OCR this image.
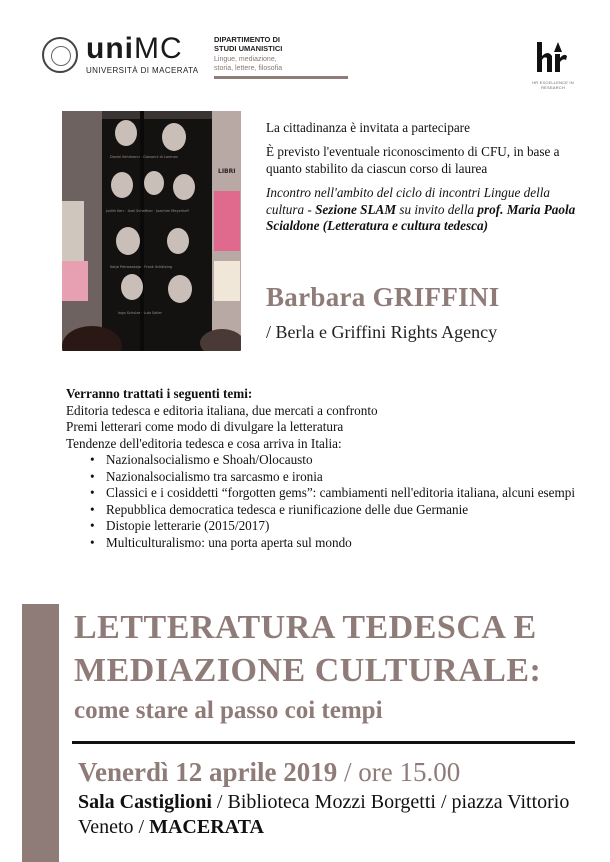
uniMC
UNIVERSITÀ DI MACERATA
DIPARTIMENTO DI
STUDI UMANISTICI
Lingue, mediazione,
storia, lettere, filosofia
HR EXCELLENCE IN RESEARCH
Daniel Kehlmann · Giovanni di Lorenzo
Judith Kerr · Axel Schaffner · Joachim Meyerhoff
Katja Petrowskaja · Frank Schätzing
Ingo Schulze · Lutz Seiler
LIBRI
La cittadinanza è invitata a partecipare
È previsto l'eventuale riconoscimento di CFU, in base a quanto stabilito da ciascun corso di laurea
Incontro nell'ambito del ciclo di incontri Lingue della cultura - Sezione SLAM su invito della prof. Maria Paola Scialdone (Letteratura e cultura tedesca)
Barbara GRIFFINI
/ Berla e Griffini Rights Agency
Verranno trattati i seguenti temi:
Editoria tedesca e editoria italiana, due mercati a confronto
Premi letterari come modo di divulgare la letteratura
Tendenze dell'editoria tedesca e cosa arriva in Italia:
• Nazionalsocialismo e Shoah/Olocausto
• Nazionalsocialismo tra sarcasmo e ironia
• Classici e i cosiddetti “forgotten gems”: cambiamenti nell'editoria italiana, alcuni esempi
• Repubblica democratica tedesca e riunificazione delle due Germanie
• Distopie letterarie (2015/2017)
• Multiculturalismo: una porta aperta sul mondo
LETTERATURA TEDESCA E
MEDIAZIONE CULTURALE:
come stare al passo coi tempi
Venerdì 12 aprile 2019 / ore 15.00
Sala Castiglioni / Biblioteca Mozzi Borgetti / piazza Vittorio Veneto / MACERATA
